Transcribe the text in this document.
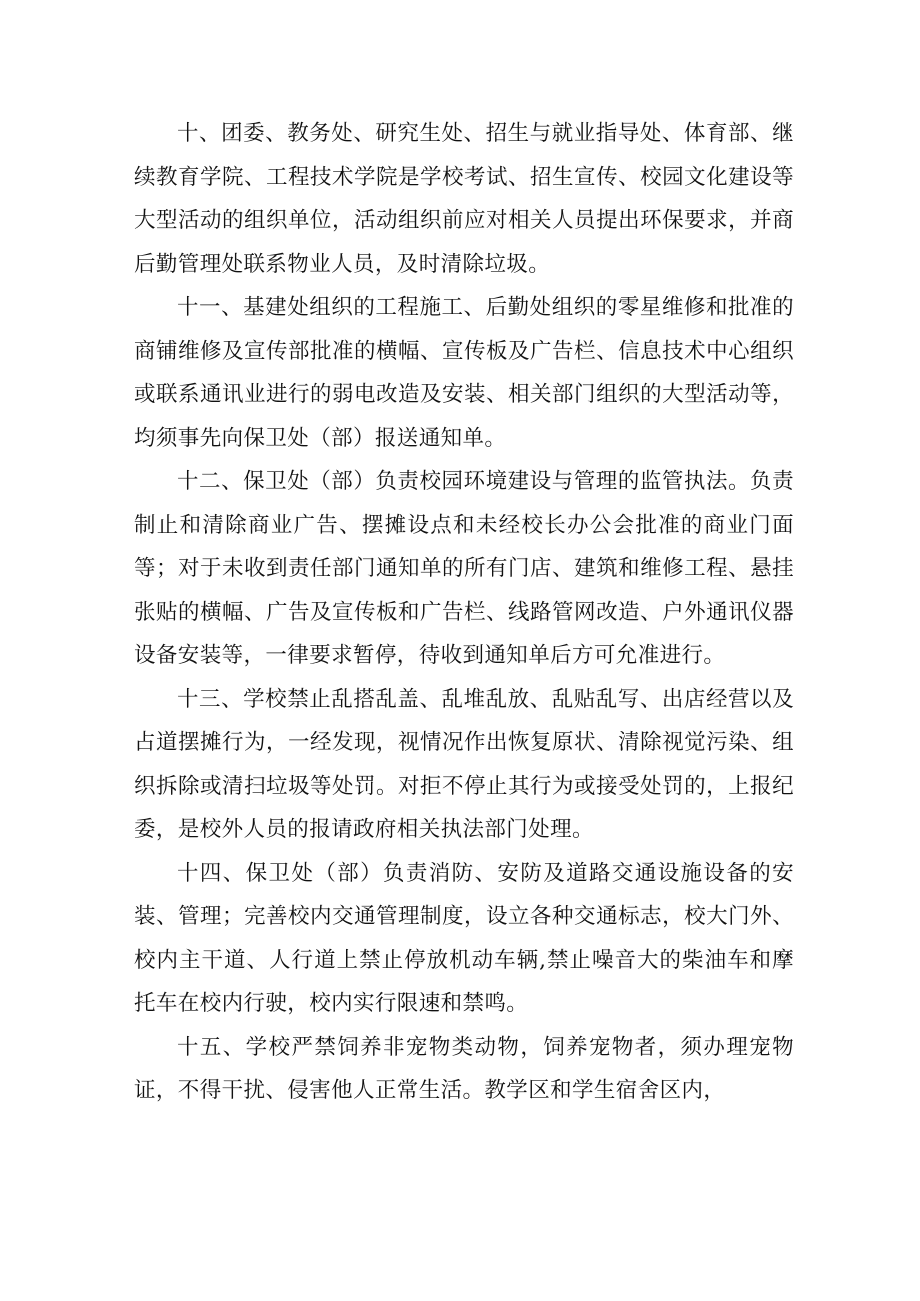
十、团委、教务处、研究生处、招生与就业指导处、体育部、继续教育学院、工程技术学院是学校考试、招生宣传、校园文化建设等大型活动的组织单位，活动组织前应对相关人员提出环保要求，并商后勤管理处联系物业人员，及时清除垃圾。

十一、基建处组织的工程施工、后勤处组织的零星维修和批准的商铺维修及宣传部批准的横幅、宣传板及广告栏、信息技术中心组织或联系通讯业进行的弱电改造及安装、相关部门组织的大型活动等，均须事先向保卫处（部）报送通知单。

十二、保卫处（部）负责校园环境建设与管理的监管执法。负责制止和清除商业广告、摆摊设点和未经校长办公会批准的商业门面等；对于未收到责任部门通知单的所有门店、建筑和维修工程、悬挂张贴的横幅、广告及宣传板和广告栏、线路管网改造、户外通讯仪器设备安装等，一律要求暂停，待收到通知单后方可允准进行。

十三、学校禁止乱搭乱盖、乱堆乱放、乱贴乱写、出店经营以及占道摆摊行为，一经发现，视情况作出恢复原状、清除视觉污染、组织拆除或清扫垃圾等处罚。对拒不停止其行为或接受处罚的，上报纪委，是校外人员的报请政府相关执法部门处理。

十四、保卫处（部）负责消防、安防及道路交通设施设备的安装、管理；完善校内交通管理制度，设立各种交通标志，校大门外、校内主干道、人行道上禁止停放机动车辆,禁止噪音大的柴油车和摩托车在校内行驶，校内实行限速和禁鸣。

十五、学校严禁饲养非宠物类动物，饲养宠物者，须办理宠物证，不得干扰、侵害他人正常生活。教学区和学生宿舍区内，
